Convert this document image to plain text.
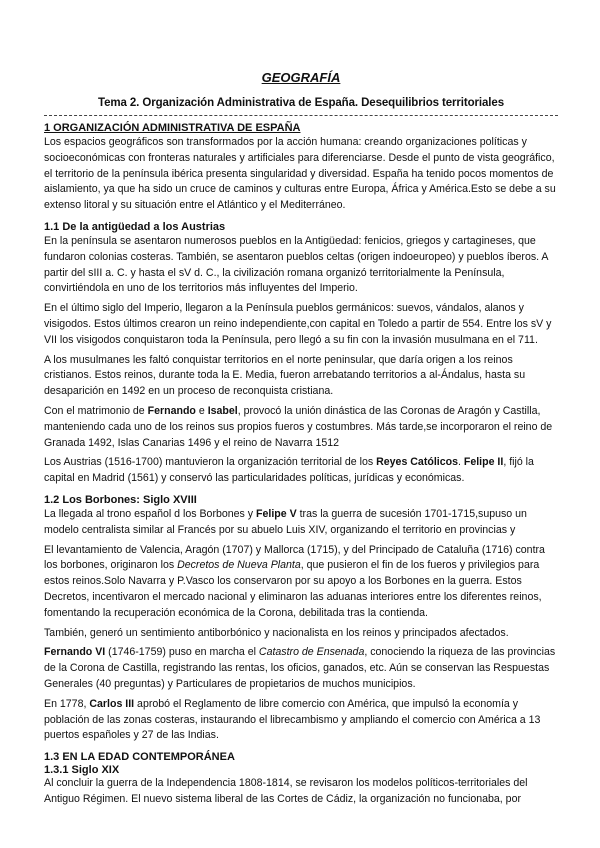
GEOGRAFÍA
Tema 2. Organización Administrativa de España. Desequilibrios territoriales
1 ORGANIZACIÓN ADMINISTRATIVA DE ESPAÑA

Los espacios geográficos son transformados por la acción humana: creando organizaciones políticas y socioeconómicas con fronteras naturales y artificiales para diferenciarse. Desde el punto de vista geográfico, el territorio de la península ibérica presenta singularidad y diversidad. España ha tenido pocos momentos de aislamiento, ya que ha sido un cruce de caminos y culturas entre Europa, África y América.Esto se debe a su extenso litoral y su situación entre el Atlántico y el Mediterráneo.

1.1 De la antigüedad a los Austrias

En la península se asentaron numerosos pueblos en la Antigüedad: fenicios, griegos y cartagineses, que fundaron colonias costeras. También, se asentaron pueblos celtas (origen indoeuropeo) y pueblos íberos. A partir del sIII a. C. y hasta el sV d. C., la civilización romana organizó territorialmente la Península, convirtiéndola en uno de los territorios más influyentes del Imperio.

En el último siglo del Imperio, llegaron a la Península pueblos germánicos: suevos, vándalos, alanos y visigodos. Estos últimos crearon un reino independiente,con capital en Toledo a partir de 554. Entre los sV y VII los visigodos conquistaron toda la Península, pero llegó a su fin con la invasión musulmana en el 711.

A los musulmanes les faltó conquistar territorios en el norte peninsular, que daría origen a los reinos cristianos. Estos reinos, durante toda la E. Media, fueron arrebatando territorios a al-Ándalus, hasta su desaparición en 1492 en un proceso de reconquista cristiana.

Con el matrimonio de Fernando e Isabel, provocó la unión dinástica de las Coronas de Aragón y Castilla, manteniendo cada uno de los reinos sus propios fueros y costumbres. Más tarde,se incorporaron el reino de Granada 1492, Islas Canarias 1496 y el reino de Navarra 1512

Los Austrias (1516-1700) mantuvieron la organización territorial de los Reyes Católicos. Felipe II, fijó la capital en Madrid (1561) y conservó las particularidades políticas, jurídicas y económicas.

1.2 Los Borbones: Siglo XVIII

La llegada al trono español d los Borbones y Felipe V tras la guerra de sucesión 1701-1715,supuso un modelo centralista similar al Francés por su abuelo Luis XIV, organizando el territorio en provincias y

El levantamiento de Valencia, Aragón (1707) y Mallorca (1715), y del Principado de Cataluña (1716) contra los borbones, originaron los Decretos de Nueva Planta, que pusieron el fin de los fueros y privilegios para estos reinos.Solo Navarra y P.Vasco los conservaron por su apoyo a los Borbones en la guerra. Estos Decretos, incentivaron el mercado nacional y eliminaron las aduanas interiores entre los diferentes reinos, fomentando la recuperación económica de la Corona, debilitada tras la contienda.

También, generó un sentimiento antiborbónico y nacionalista en los reinos y principados afectados.

Fernando VI (1746-1759) puso en marcha el Catastro de Ensenada, conociendo la riqueza de las provincias de la Corona de Castilla, registrando las rentas, los oficios, ganados, etc. Aún se conservan las Respuestas Generales (40 preguntas) y Particulares de propietarios de muchos municipios.

En 1778, Carlos III aprobó el Reglamento de libre comercio con América, que impulsó la economía y población de las zonas costeras, instaurando el librecambismo y ampliando el comercio con América a 13 puertos españoles y 27 de las Indias.

1.3 EN LA EDAD CONTEMPORÁNEA
1.3.1 Siglo XIX

Al concluir la guerra de la Independencia 1808-1814, se revisaron los modelos políticos-territoriales del Antiguo Régimen. El nuevo sistema liberal de las Cortes de Cádiz, la organización no funcionaba, por
